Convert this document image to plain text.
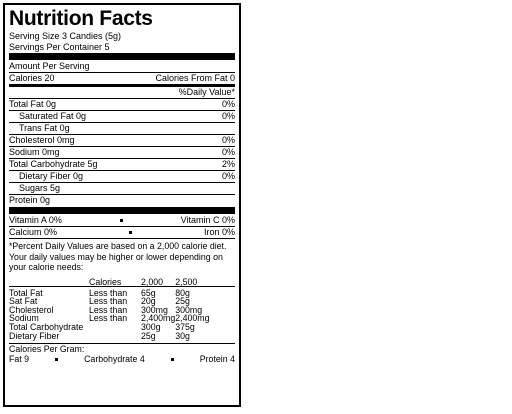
Nutrition Facts
Serving Size 3 Candies (5g)
Servings Per Container 5
Amount Per Serving
Calories 20	Calories From Fat 0
%Daily Value*
Total Fat 0g	0%
Saturated Fat 0g	0%
Trans Fat 0g
Cholesterol 0mg	0%
Sodium 0mg	0%
Total Carbohydrate 5g	2%
Dietary Fiber 0g	0%
Sugars 5g
Protein 0g
Vitamin A 0%	Vitamin C 0%
Calcium 0%	Iron 0%
*Percent Daily Values are based on a 2,000 calorie diet. Your daily values may be higher or lower depending on your calorie needs:
	Calories	2,000	2,500

Total Fat	Less than	65g	80g
Sat Fat	Less than	20g	25g
Cholesterol	Less than	300mg	300mg
Sodium	Less than	2,400mg	2,400mg
Total Carbohydrate		300g	375g
Dietary Fiber		25g	30g
Calories Per Gram:
Fat 9	Carbohydrate 4	Protein 4
